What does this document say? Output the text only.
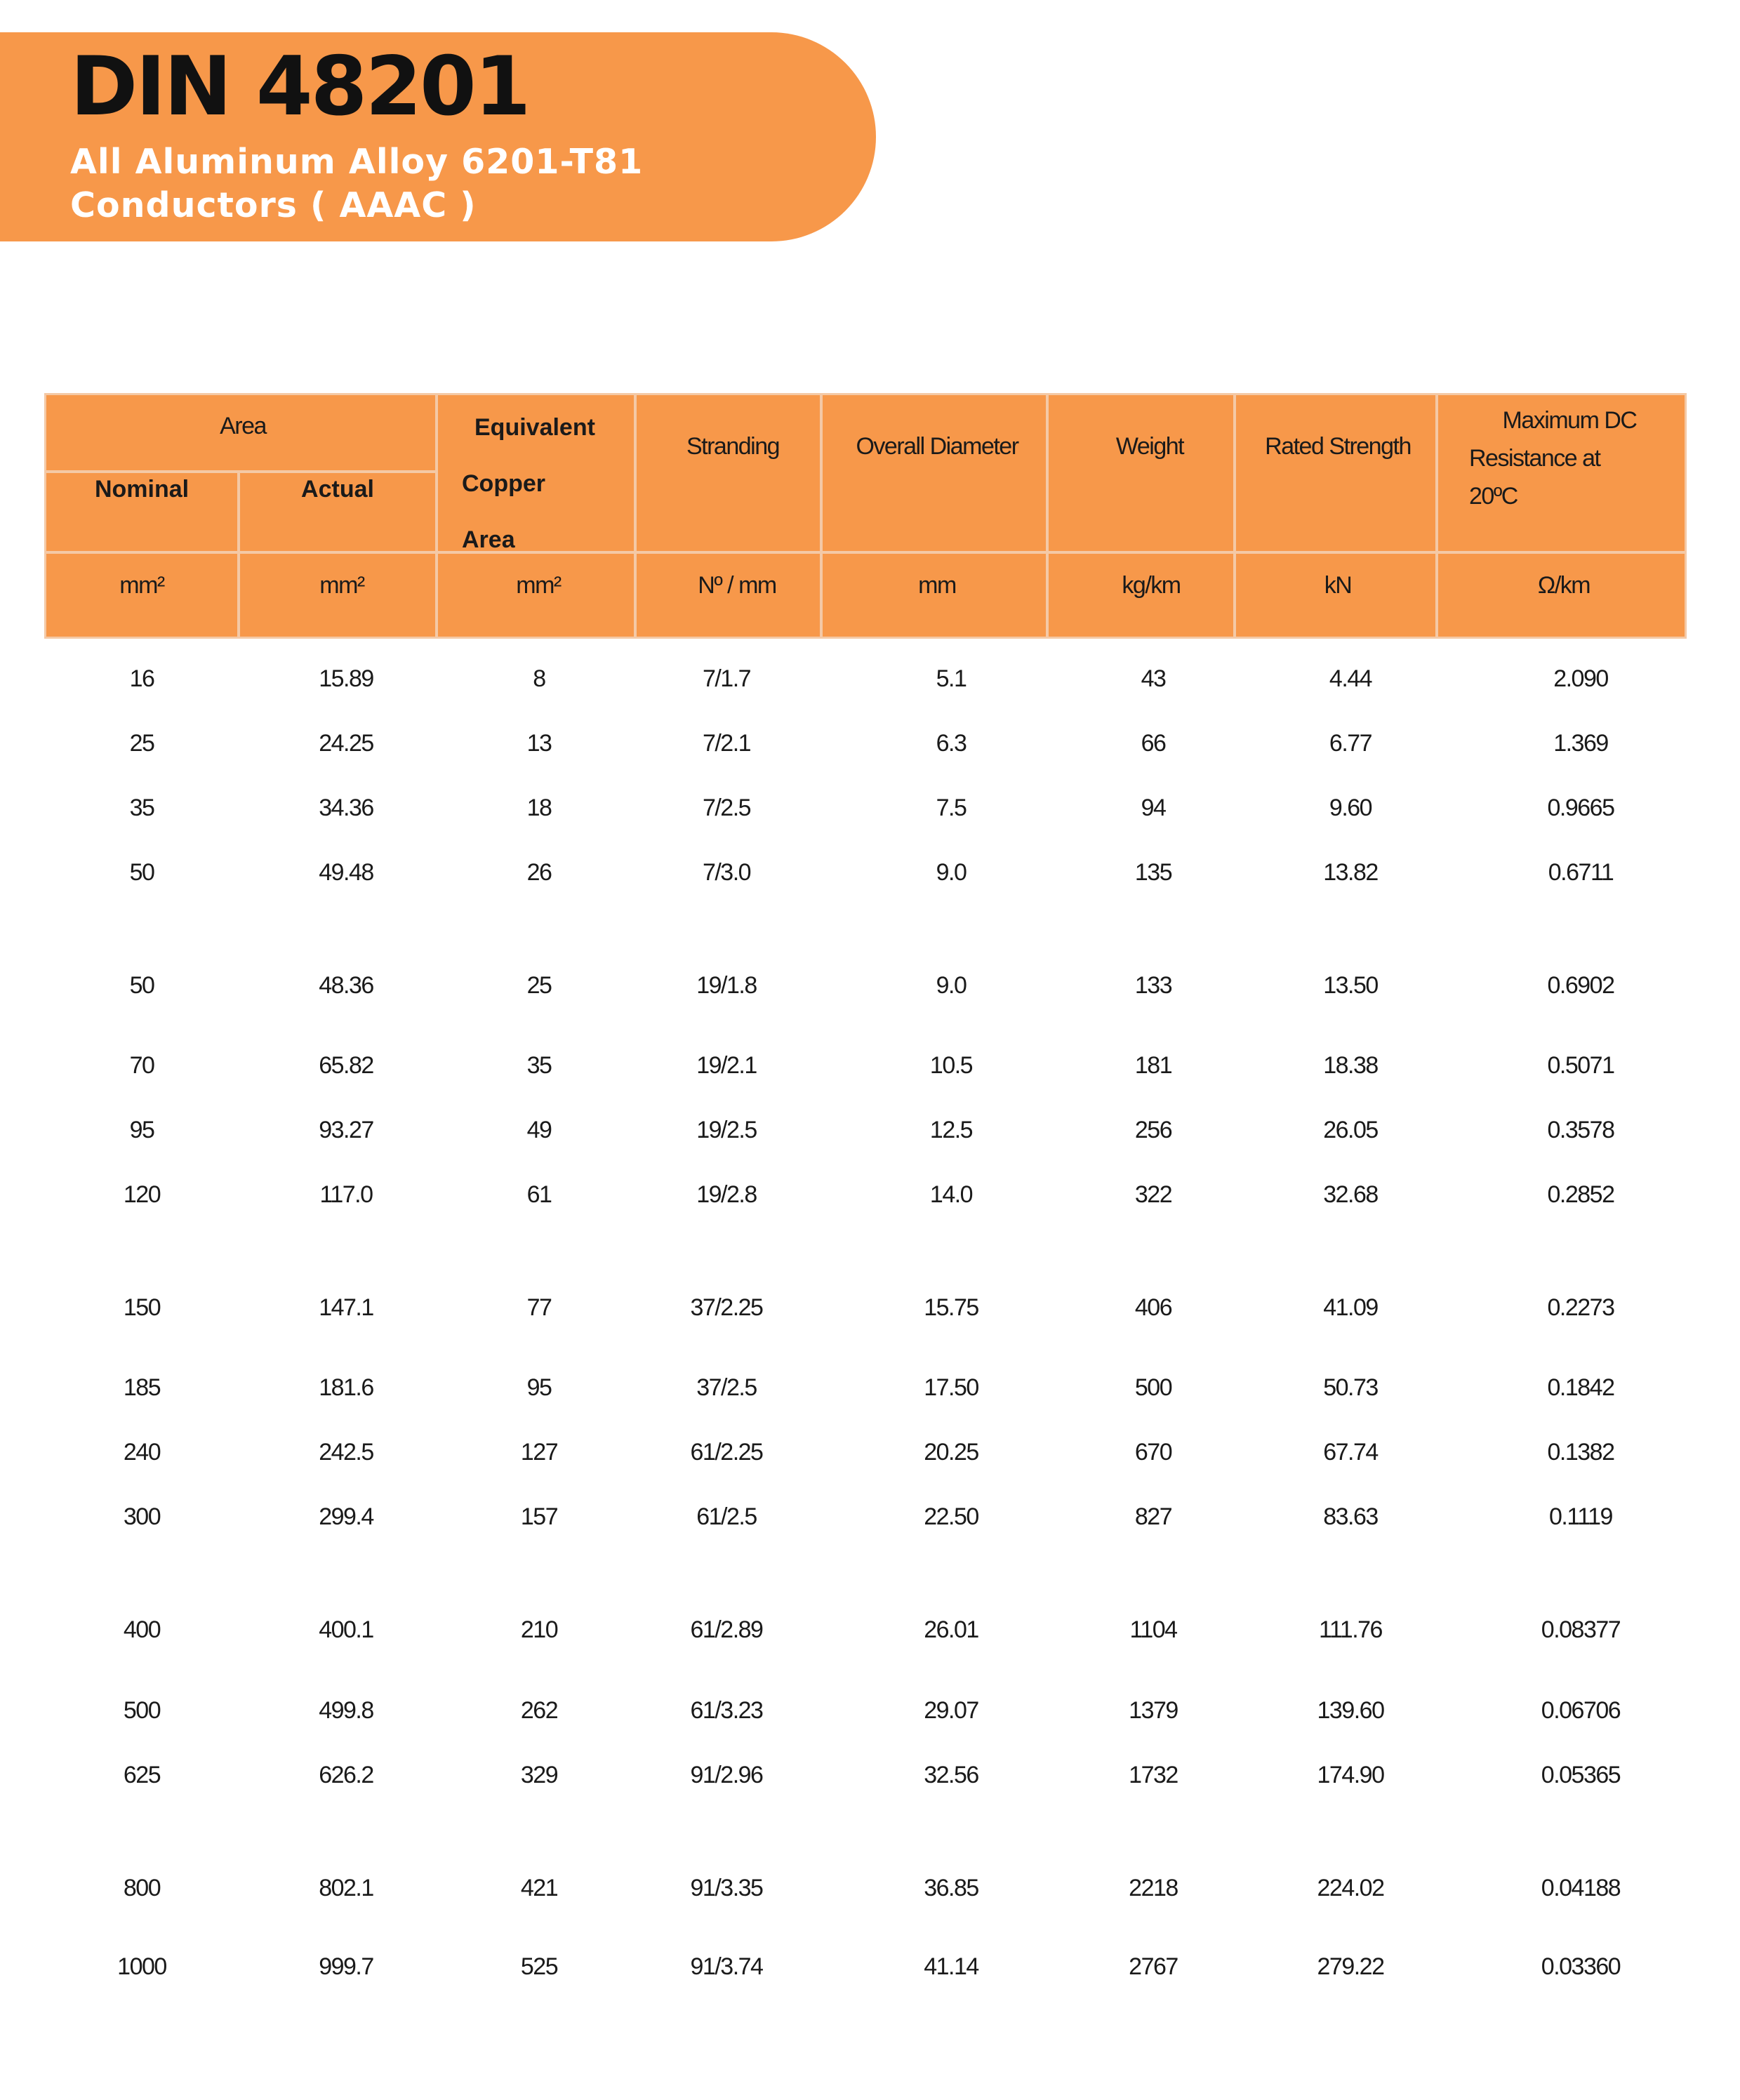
DIN 48201
All Aluminum Alloy 6201-T81
Conductors ( AAAC )
Area
Nominal	Actual
Equivalent
Copper
Area
Stranding	Overall Diameter	Weight	Rated Strength
Maximum DC
Resistance at
20ºC
mm²	mm²	mm²	Nº / mm	mm	kg/km	kN	Ω/km
16	15.89	8	7/1.7	5.1	43	4.44	2.090
25	24.25	13	7/2.1	6.3	66	6.77	1.369
35	34.36	18	7/2.5	7.5	94	9.60	0.9665
50	49.48	26	7/3.0	9.0	135	13.82	0.6711
50	48.36	25	19/1.8	9.0	133	13.50	0.6902
70	65.82	35	19/2.1	10.5	181	18.38	0.5071
95	93.27	49	19/2.5	12.5	256	26.05	0.3578
120	117.0	61	19/2.8	14.0	322	32.68	0.2852
150	147.1	77	37/2.25	15.75	406	41.09	0.2273
185	181.6	95	37/2.5	17.50	500	50.73	0.1842
240	242.5	127	61/2.25	20.25	670	67.74	0.1382
300	299.4	157	61/2.5	22.50	827	83.63	0.1119
400	400.1	210	61/2.89	26.01	1104	111.76	0.08377
500	499.8	262	61/3.23	29.07	1379	139.60	0.06706
625	626.2	329	91/2.96	32.56	1732	174.90	0.05365
800	802.1	421	91/3.35	36.85	2218	224.02	0.04188
1000	999.7	525	91/3.74	41.14	2767	279.22	0.03360
